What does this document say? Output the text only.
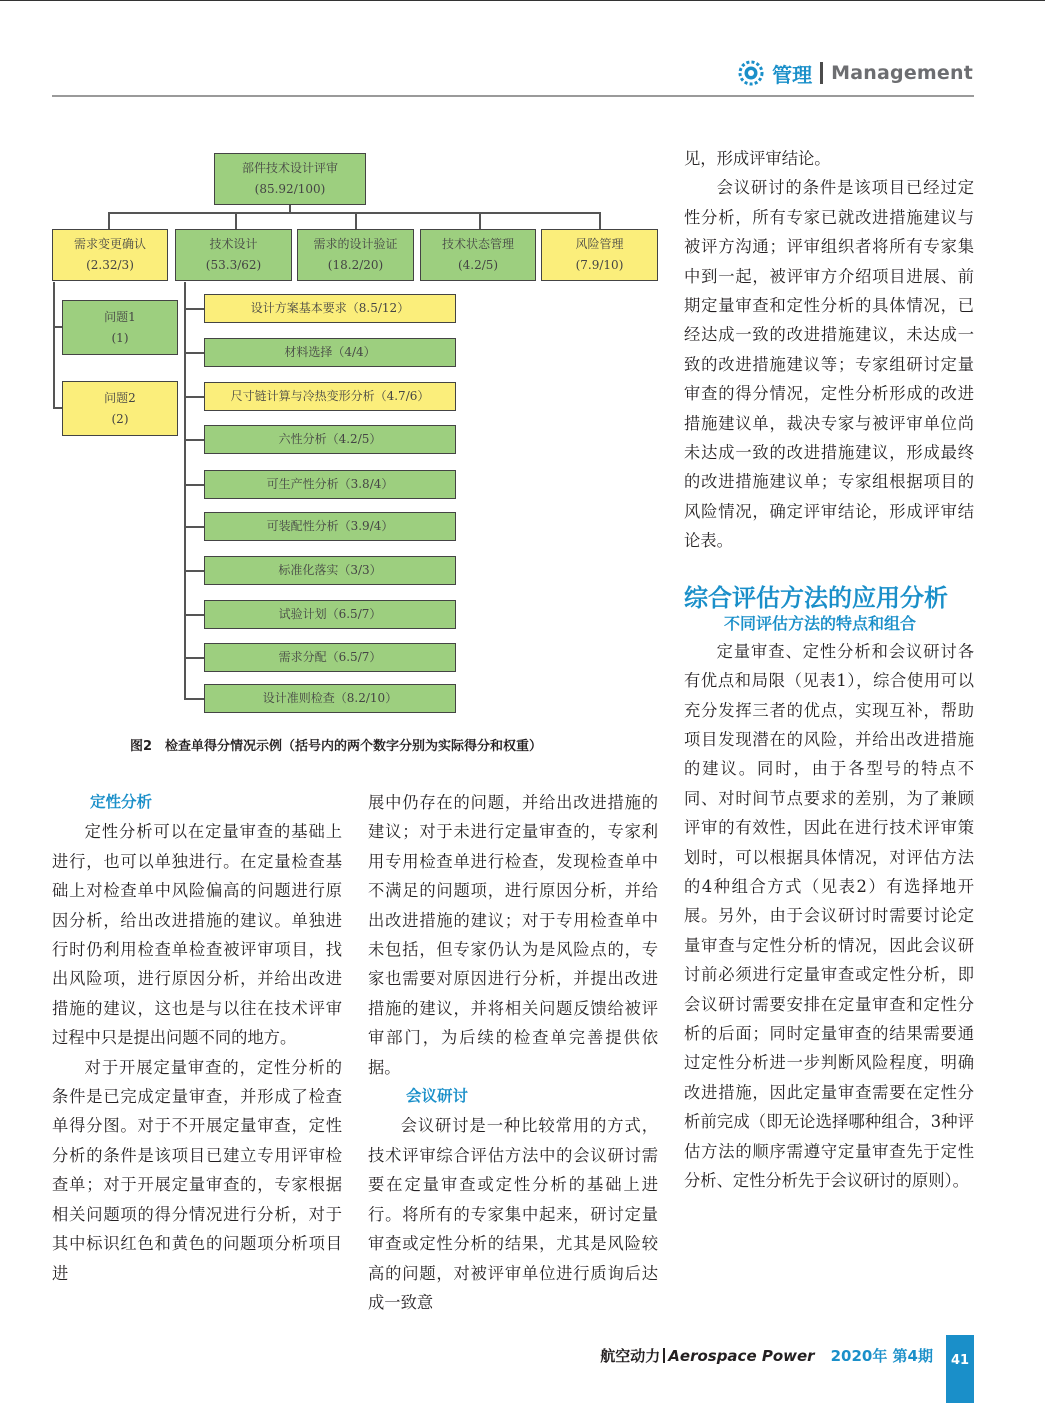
管理 Management
部件技术设计评审
(85.92/100)
需求变更确认
(2.32/3)
技术设计
(53.3/62)
需求的设计验证
(18.2/20)
技术状态管理
(4.2/5)
风险管理
(7.9/10)
问题1
(1)
问题2
(2)
设计方案基本要求（8.5/12）
材料选择（4/4）
尺寸链计算与冷热变形分析（4.7/6）
六性分析（4.2/5）
可生产性分析（3.8/4）
可装配性分析（3.9/4）
标准化落实（3/3）
试验计划（6.5/7）
需求分配（6.5/7）
设计准则检查（8.2/10）
图2　检查单得分情况示例（括号内的两个数字分别为实际得分和权重）
定性分析

定性分析可以在定量审查的基础上进行，也可以单独进行。在定量检查基础上对检查单中风险偏高的问题进行原因分析，给出改进措施的建议。单独进行时仍利用检查单检查被评审项目，找出风险项，进行原因分析，并给出改进措施的建议，这也是与以往在技术评审过程中只是提出问题不同的地方。

对于开展定量审查的，定性分析的条件是已完成定量审查，并形成了检查单得分图。对于不开展定量审查，定性分析的条件是该项目已建立专用评审检查单；对于开展定量审查的，专家根据相关问题项的得分情况进行分析，对于其中标识红色和黄色的问题项分析项目进

展中仍存在的问题，并给出改进措施的建议；对于未进行定量审查的，专家利用专用检查单进行检查，发现检查单中不满足的问题项，进行原因分析，并给出改进措施的建议；对于专用检查单中未包括，但专家仍认为是风险点的，专家也需要对原因进行分析，并提出改进措施的建议，并将相关问题反馈给被评审部门，为后续的检查单完善提供依据。

会议研讨

会议研讨是一种比较常用的方式，技术评审综合评估方法中的会议研讨需要在定量审查或定性分析的基础上进行。将所有的专家集中起来，研讨定量审查或定性分析的结果，尤其是风险较高的问题，对被评审单位进行质询后达成一致意

见，形成评审结论。

会议研讨的条件是该项目已经过定性分析，所有专家已就改进措施建议与被评方沟通；评审组织者将所有专家集中到一起，被评审方介绍项目进展、前期定量审查和定性分析的具体情况，已经达成一致的改进措施建议，未达成一致的改进措施建议等；专家组研讨定量审查的得分情况，定性分析形成的改进措施建议单，裁决专家与被评审单位尚未达成一致的改进措施建议，形成最终的改进措施建议单；专家组根据项目的风险情况，确定评审结论，形成评审结论表。

综合评估方法的应用分析
不同评估方法的特点和组合

定量审查、定性分析和会议研讨各有优点和局限（见表1），综合使用可以充分发挥三者的优点，实现互补，帮助项目发现潜在的风险，并给出改进措施的建议。同时，由于各型号的特点不同、对时间节点要求的差别，为了兼顾评审的有效性，因此在进行技术评审策划时，可以根据具体情况，对评估方法的4种组合方式（见表2）有选择地开展。另外，由于会议研讨时需要讨论定量审查与定性分析的情况，因此会议研讨前必须进行定量审查或定性分析，即会议研讨需要安排在定量审查和定性分析的后面；同时定量审查的结果需要通过定性分析进一步判断风险程度，明确改进措施，因此定量审查需要在定性分析前完成（即无论选择哪种组合，3种评估方法的顺序需遵守定量审查先于定性分析、定性分析先于会议研讨的原则）。

航空动力 Aerospace Power 2020年 第4期	41
